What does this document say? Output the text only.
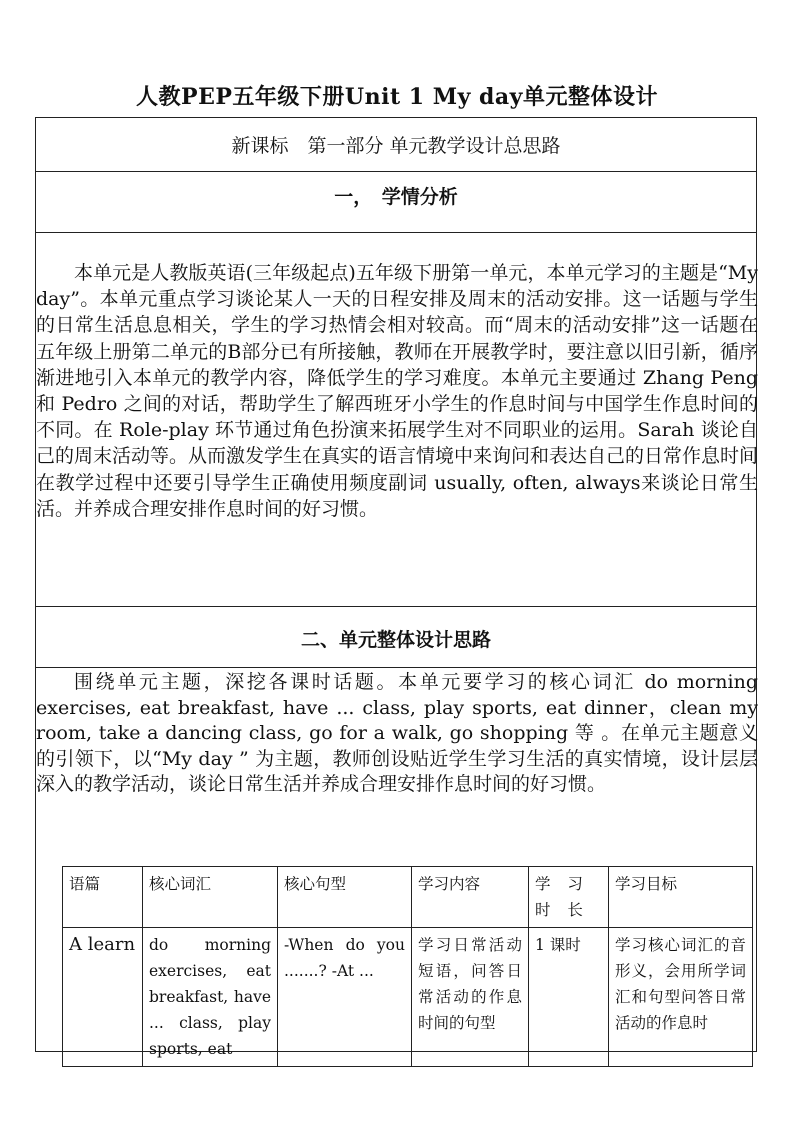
人教PEP五年级下册Unit 1 My day单元整体设计
新课标　第一部分 单元教学设计总思路
一，　学情分析
本单元是人教版英语(三年级起点)五年级下册第一单元，本单元学习的主题是“My day”。本单元重点学习谈论某人一天的日程安排及周末的活动安排。这一话题与学生的日常生活息息相关，学生的学习热情会相对较高。而“周末的活动安排”这一话题在五年级上册第二单元的B部分已有所接触，教师在开展教学时，要注意以旧引新，循序渐进地引入本单元的教学内容，降低学生的学习难度。本单元主要通过 Zhang Peng 和 Pedro 之间的对话，帮助学生了解西班牙小学生的作息时间与中国学生作息时间的不同。在 Role-play 环节通过角色扮演来拓展学生对不同职业的运用。Sarah 谈论自己的周末活动等。从而激发学生在真实的语言情境中来询问和表达自己的日常作息时间在教学过程中还要引导学生正确使用频度副词 usually, often, always来谈论日常生活。并养成合理安排作息时间的好习惯。
二、单元整体设计思路
围绕单元主题，深挖各课时话题。本单元要学习的核心词汇 do morning exercises, eat breakfast, have ... class, play sports, eat dinner，clean my room, take a dancing class, go for a walk, go shopping 等 。在单元主题意义的引领下，以“My day ” 为主题，教师创设贴近学生学习生活的真实情境，设计层层深入的教学活动，谈论日常生活并养成合理安排作息时间的好习惯。
语篇	核心词汇	核心句型	学习内容	学 习 时 长	学习目标
A learn	do morning exercises, eat breakfast, have ... class, play sports, eat	-When do you .......? -At ...	学习日常活动短语，问答日常活动的作息时间的句型	1 课时	学习核心词汇的音形义，会用所学词汇和句型问答日常活动的作息时
